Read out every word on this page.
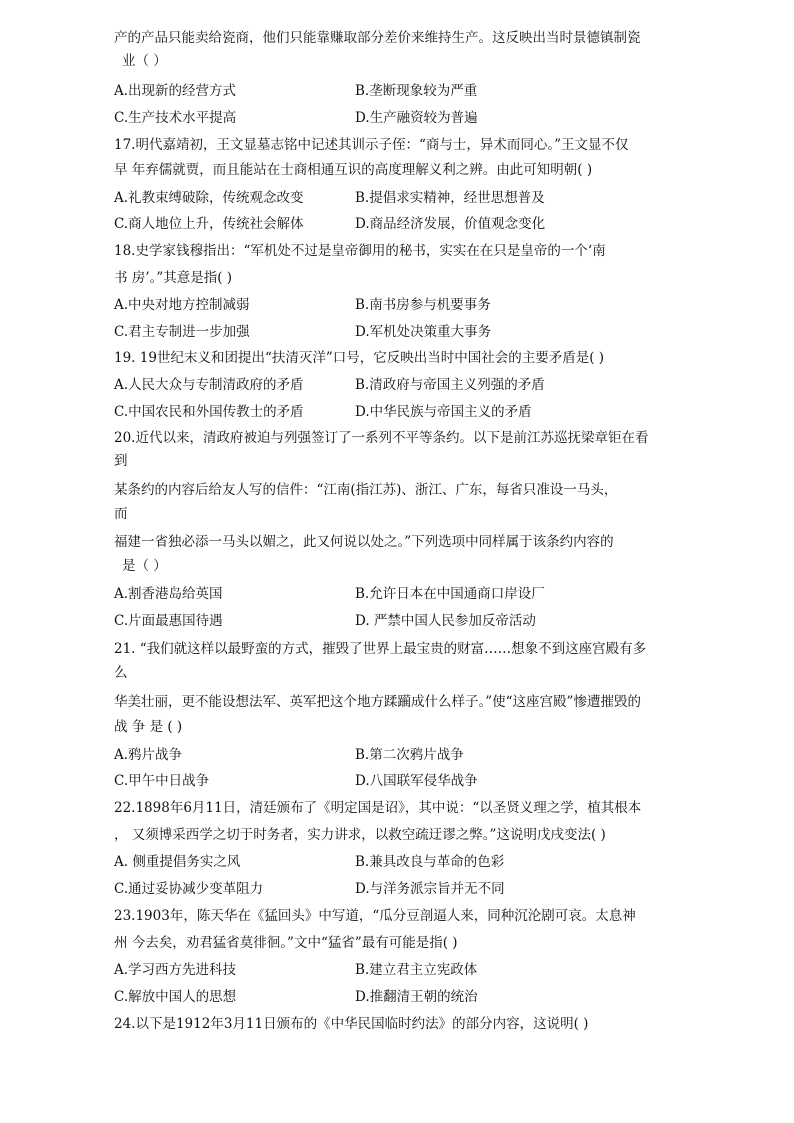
产的产品只能卖给瓷商，他们只能靠赚取部分差价来维持生产。这反映出当时景德镇制瓷
业（ ）
A.出现新的经营方式	B.垄断现象较为严重
C.生产技术水平提高	D.生产融资较为普遍
17.明代嘉靖初，王文显墓志铭中记述其训示子侄：“商与士，异术而同心。”王文显不仅
早 年弃儒就贾，而且能站在士商相通互识的高度理解义利之辨。由此可知明朝( )
A.礼教束缚破除，传统观念改变	B.提倡求实精神，经世思想普及
C.商人地位上升，传统社会解体	D.商品经济发展，价值观念变化
18.史学家钱穆指出：“军机处不过是皇帝御用的秘书，实实在在只是皇帝的一个‘南
书 房’。”其意是指( )
A.中央对地方控制减弱	B.南书房参与机要事务
C.君主专制进一步加强	D.军机处决策重大事务
19. 19世纪末义和团提出“扶清灭洋”口号，它反映出当时中国社会的主要矛盾是( )
A.人民大众与专制清政府的矛盾	B.清政府与帝国主义列强的矛盾
C.中国农民和外国传教士的矛盾	D.中华民族与帝国主义的矛盾
20.近代以来，清政府被迫与列强签订了一系列不平等条约。以下是前江苏巡抚梁章钜在看
到
某条约的内容后给友人写的信件：“江南(指江苏)、浙江、广东，每省只准设一马头，
而
福建一省独必添一马头以媚之，此又何说以处之。”下列选项中同样属于该条约内容的
是（ ）
A.割香港岛给英国	B.允许日本在中国通商口岸设厂
C.片面最惠国待遇	D. 严禁中国人民参加反帝活动
21. “我们就这样以最野蛮的方式，摧毁了世界上最宝贵的财富……想象不到这座宫殿有多
么
华美壮丽，更不能设想法军、英军把这个地方蹂躏成什么样子。”使“这座宫殿”惨遭摧毁的
战 争 是 ( )
A.鸦片战争	B.第二次鸦片战争
C.甲午中日战争	D.八国联军侵华战争
22.1898年6月11日，清廷颁布了《明定国是诏》，其中说：“以圣贤义理之学，植其根本
， 又须博采西学之切于时务者，实力讲求，以救空疏迂谬之弊。”这说明戊戌变法( )
A. 侧重提倡务实之风	B.兼具改良与革命的色彩
C.通过妥协减少变革阻力	D.与洋务派宗旨并无不同
23.1903年，陈天华在《猛回头》中写道，“瓜分豆剖逼人来，同种沉沦剧可哀。太息神
州 今去矣，劝君猛省莫徘徊。”文中“猛省”最有可能是指( )
A.学习西方先进科技	B.建立君主立宪政体
C.解放中国人的思想	D.推翻清王朝的统治
24.以下是1912年3月11日颁布的《中华民国临时约法》的部分内容，这说明( )
